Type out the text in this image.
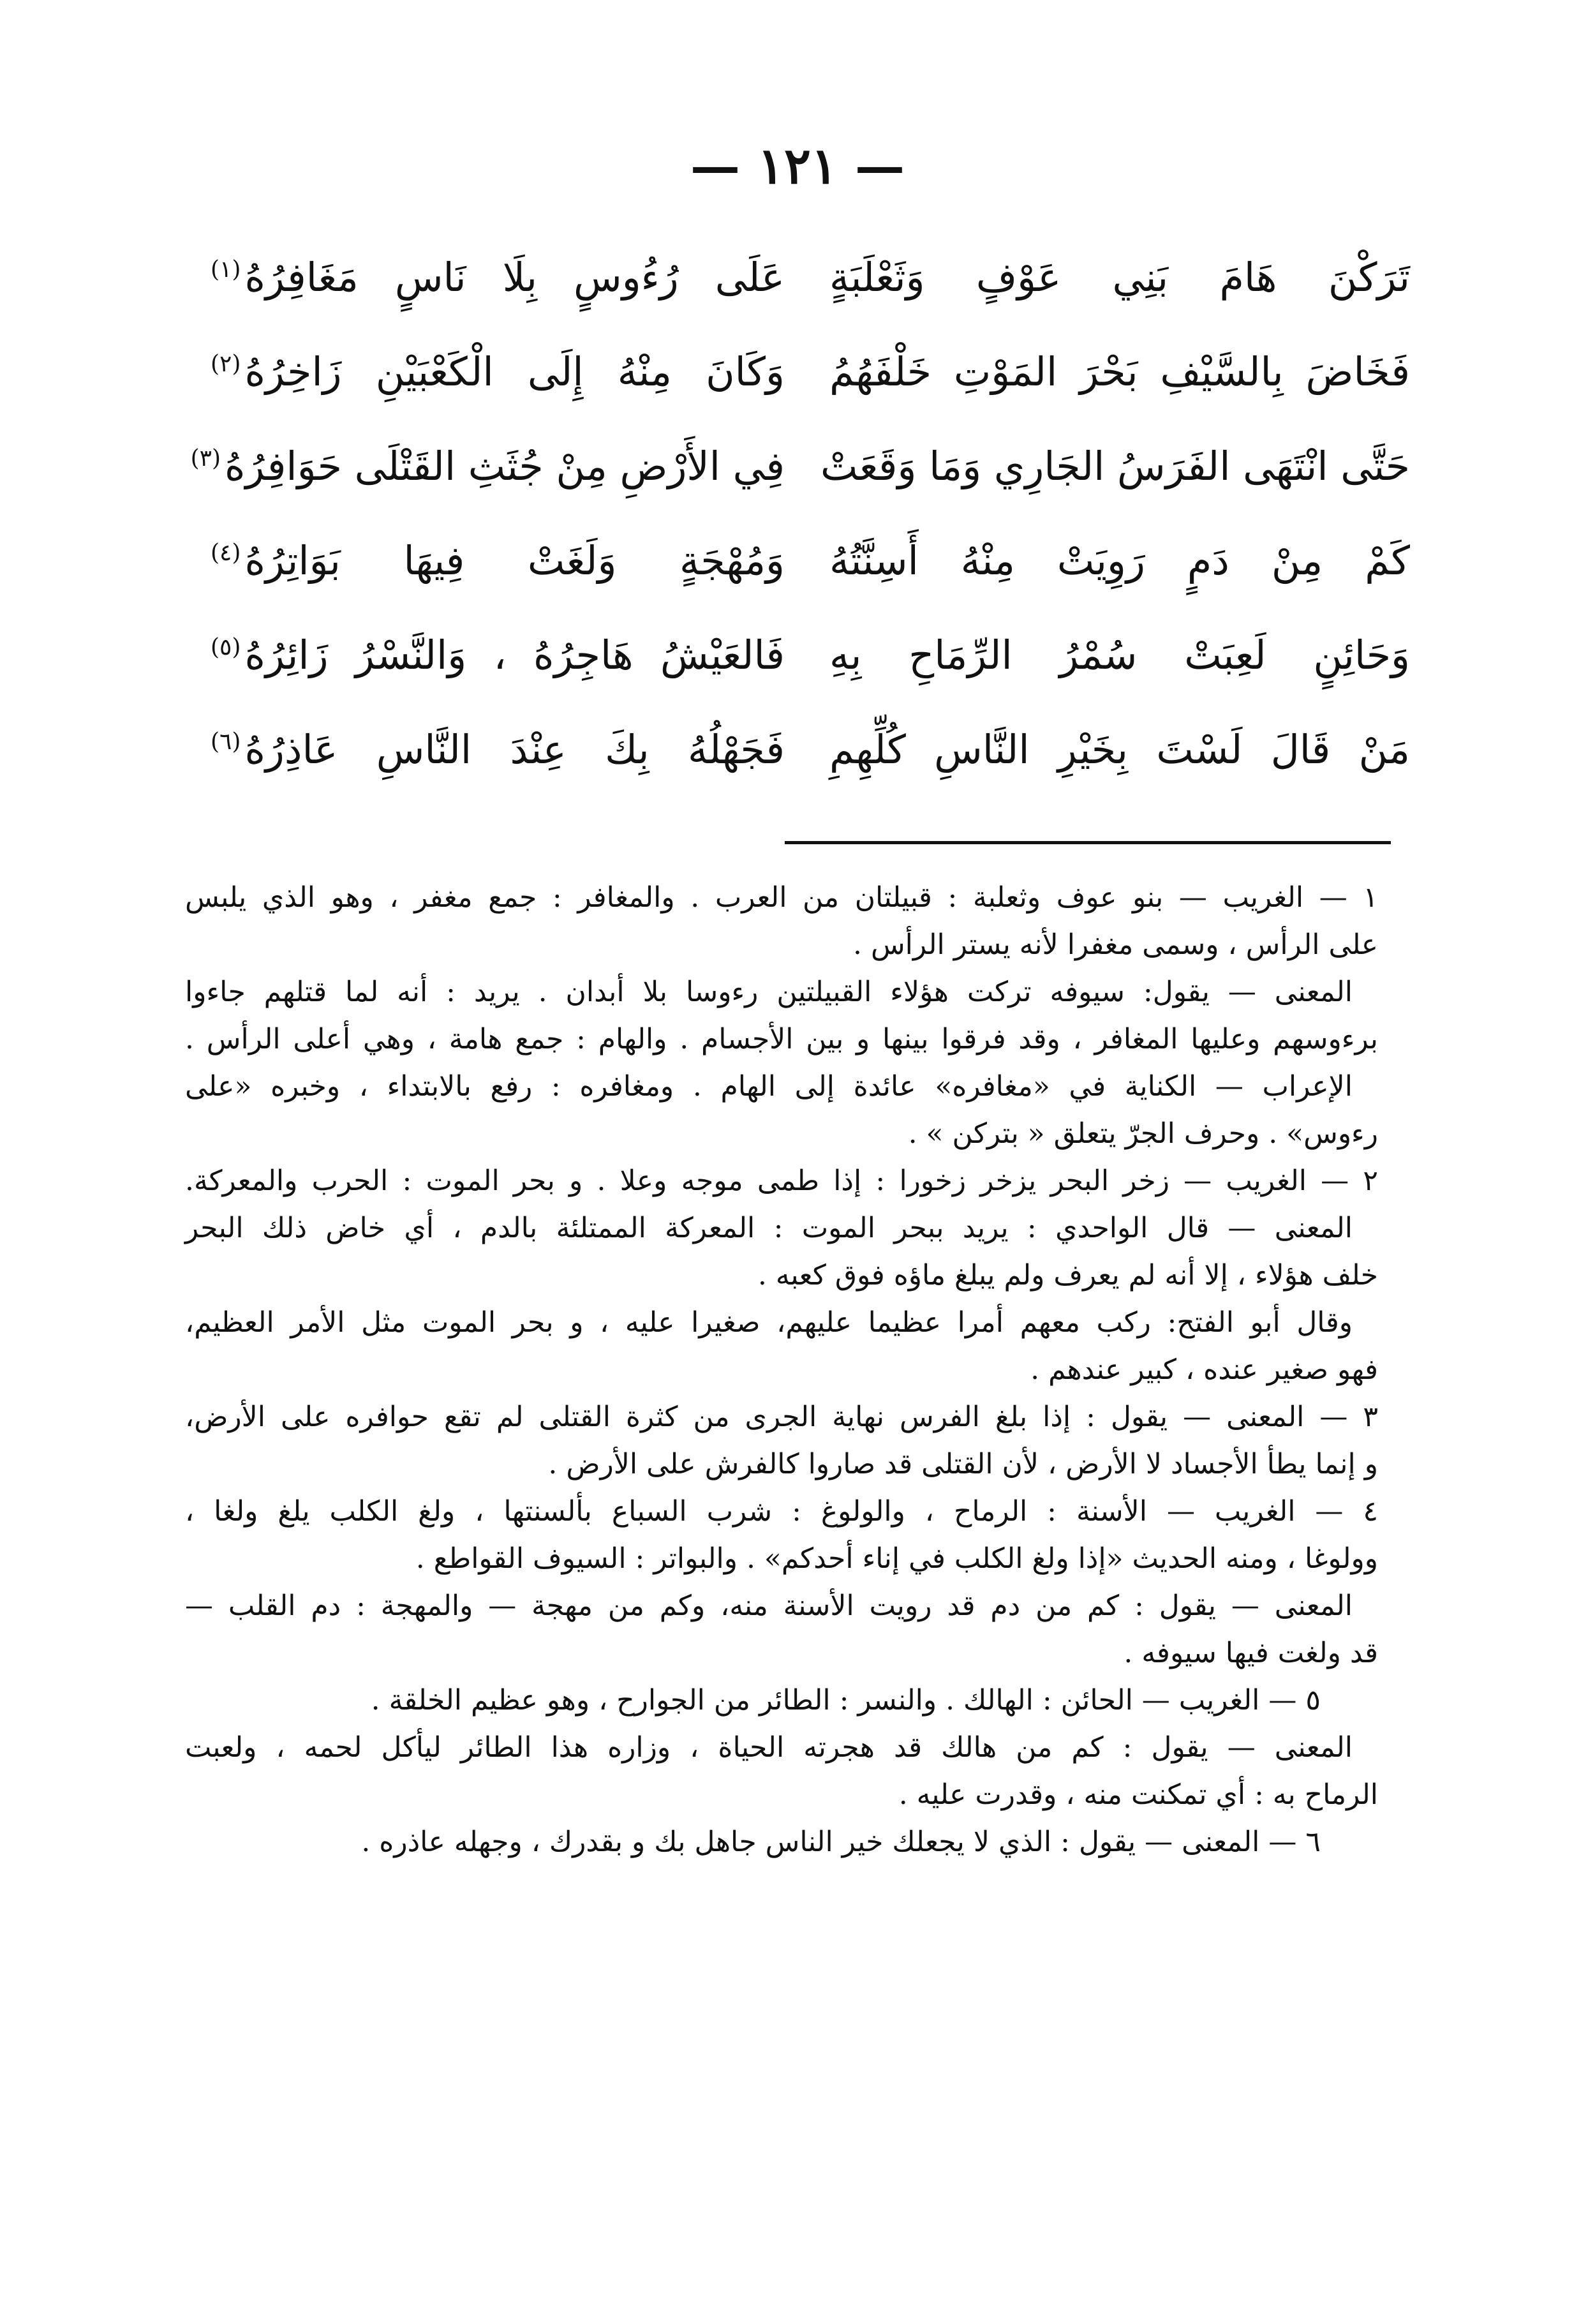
— ١٢١ —
تَرَكْنَ هَامَ بَنِي عَوْفٍ وَثَعْلَبَةٍ
عَلَى رُءُوسٍ بِلَا نَاسٍ مَغَافِرُهُ$^{(١)}$
فَخَاضَ بِالسَّيْفِ بَحْرَ المَوْتِ خَلْفَهُمُ
وَكَانَ مِنْهُ إِلَى الْكَعْبَيْنِ زَاخِرُهُ$^{(٢)}$
حَتَّى انْتَهَى الفَرَسُ الجَارِي وَمَا وَقَعَتْ
فِي الأَرْضِ مِنْ جُثَثِ القَتْلَى حَوَافِرُهُ$^{(٣)}$
كَمْ مِنْ دَمٍ رَوِيَتْ مِنْهُ أَسِنَّتُهُ
وَمُهْجَةٍ وَلَغَتْ فِيهَا بَوَاتِرُهُ$^{(٤)}$
وَحَائِنٍ لَعِبَتْ سُمْرُ الرِّمَاحِ بِهِ
فَالعَيْشُ هَاجِرُهُ ، وَالنَّسْرُ زَائِرُهُ$^{(٥)}$
مَنْ قَالَ لَسْتَ بِخَيْرِ النَّاسِ كُلِّهِمِ
فَجَهْلُهُ بِكَ عِنْدَ النَّاسِ عَاذِرُهُ$^{(٦)}$
١ — الغريب — بنو عوف وثعلبة : قبيلتان من العرب . والمغافر : جمع مغفر ، وهو الذي يلبس
على الرأس ، وسمى مغفرا لأنه يستر الرأس .
المعنى — يقول: سيوفه تركت هؤلاء القبيلتين رءوسا بلا أبدان . يريد : أنه لما قتلهم جاءوا
برءوسهم وعليها المغافر ، وقد فرقوا بينها و بين الأجسام . والهام : جمع هامة ، وهي أعلى الرأس .
الإعراب — الكناية في «مغافره» عائدة إلى الهام . ومغافره : رفع بالابتداء ، وخبره «على
رءوس» . وحرف الجرّ يتعلق « بتركن » .
٢ — الغريب — زخر البحر يزخر زخورا : إذا طمى موجه وعلا . و بحر الموت : الحرب والمعركة.
المعنى — قال الواحدي : يريد ببحر الموت : المعركة الممتلئة بالدم ، أي خاض ذلك البحر
خلف هؤلاء ، إلا أنه لم يعرف ولم يبلغ ماؤه فوق كعبه .
وقال أبو الفتح: ركب معهم أمرا عظيما عليهم، صغيرا عليه ، و بحر الموت مثل الأمر العظيم،
فهو صغير عنده ، كبير عندهم .
٣ — المعنى — يقول : إذا بلغ الفرس نهاية الجرى من كثرة القتلى لم تقع حوافره على الأرض،
و إنما يطأ الأجساد لا الأرض ، لأن القتلى قد صاروا كالفرش على الأرض .
٤ — الغريب — الأسنة : الرماح ، والولوغ : شرب السباع بألسنتها ، ولغ الكلب يلغ ولغا ،
وولوغا ، ومنه الحديث «إذا ولغ الكلب في إناء أحدكم» . والبواتر : السيوف القواطع .
المعنى — يقول : كم من دم قد رويت الأسنة منه، وكم من مهجة — والمهجة : دم القلب —
قد ولغت فيها سيوفه .
٥ — الغريب — الحائن : الهالك . والنسر : الطائر من الجوارح ، وهو عظيم الخلقة .
المعنى — يقول : كم من هالك قد هجرته الحياة ، وزاره هذا الطائر ليأكل لحمه ، ولعبت
الرماح به : أي تمكنت منه ، وقدرت عليه .
٦ — المعنى — يقول : الذي لا يجعلك خير الناس جاهل بك و بقدرك ، وجهله عاذره .
